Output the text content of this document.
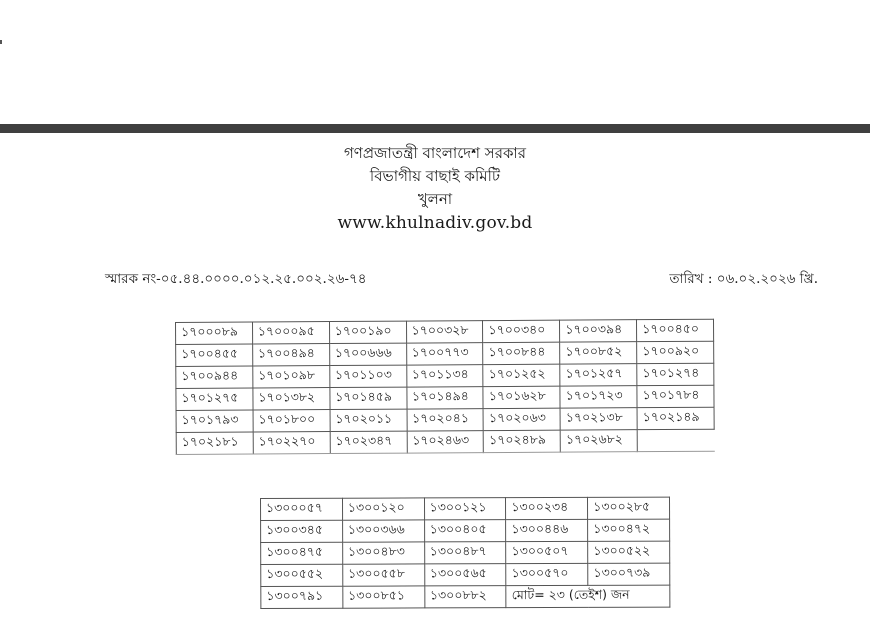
গণপ্রজাতন্ত্রী বাংলাদেশ সরকার
বিভাগীয় বাছাই কমিটি
খুলনা
www.khulnadiv.gov.bd
স্মারক নং-০৫.৪৪.০০০০.০১২.২৫.০০২.২৬-৭৪	তারিখ : ০৬.০২.২০২৬ খ্রি.
১৭০০০৮৯	১৭০০০৯৫	১৭০০১৯০	১৭০০৩২৮	১৭০০৩৪০	১৭০০৩৯৪	১৭০০৪৫০
১৭০০৪৫৫	১৭০০৪৯৪	১৭০০৬৬৬	১৭০০৭৭৩	১৭০০৮৪৪	১৭০০৮৫২	১৭০০৯২০
১৭০০৯৪৪	১৭০১০৯৮	১৭০১১০৩	১৭০১১৩৪	১৭০১২৫২	১৭০১২৫৭	১৭০১২৭৪
১৭০১২৭৫	১৭০১৩৮২	১৭০১৪৫৯	১৭০১৪৯৪	১৭০১৬২৮	১৭০১৭২৩	১৭০১৭৮৪
১৭০১৭৯৩	১৭০১৮০০	১৭০২০১১	১৭০২০৪১	১৭০২০৬৩	১৭০২১৩৮	১৭০২১৪৯
১৭০২১৮১	১৭০২২৭০	১৭০২৩৪৭	১৭০২৪৬৩	১৭০২৪৮৯	১৭০২৬৮২	
১৩০০০৫৭	১৩০০১২০	১৩০০১২১	১৩০০২৩৪	১৩০০২৮৫
১৩০০৩৪৫	১৩০০৩৬৬	১৩০০৪০৫	১৩০০৪৪৬	১৩০০৪৭২
১৩০০৪৭৫	১৩০০৪৮৩	১৩০০৪৮৭	১৩০০৫০৭	১৩০০৫২২
১৩০০৫৫২	১৩০০৫৫৮	১৩০০৫৬৫	১৩০০৫৭০	১৩০০৭৩৯
১৩০০৭৯১	১৩০০৮৫১	১৩০০৮৮২	মোট= ২৩ (তেইশ) জন	
